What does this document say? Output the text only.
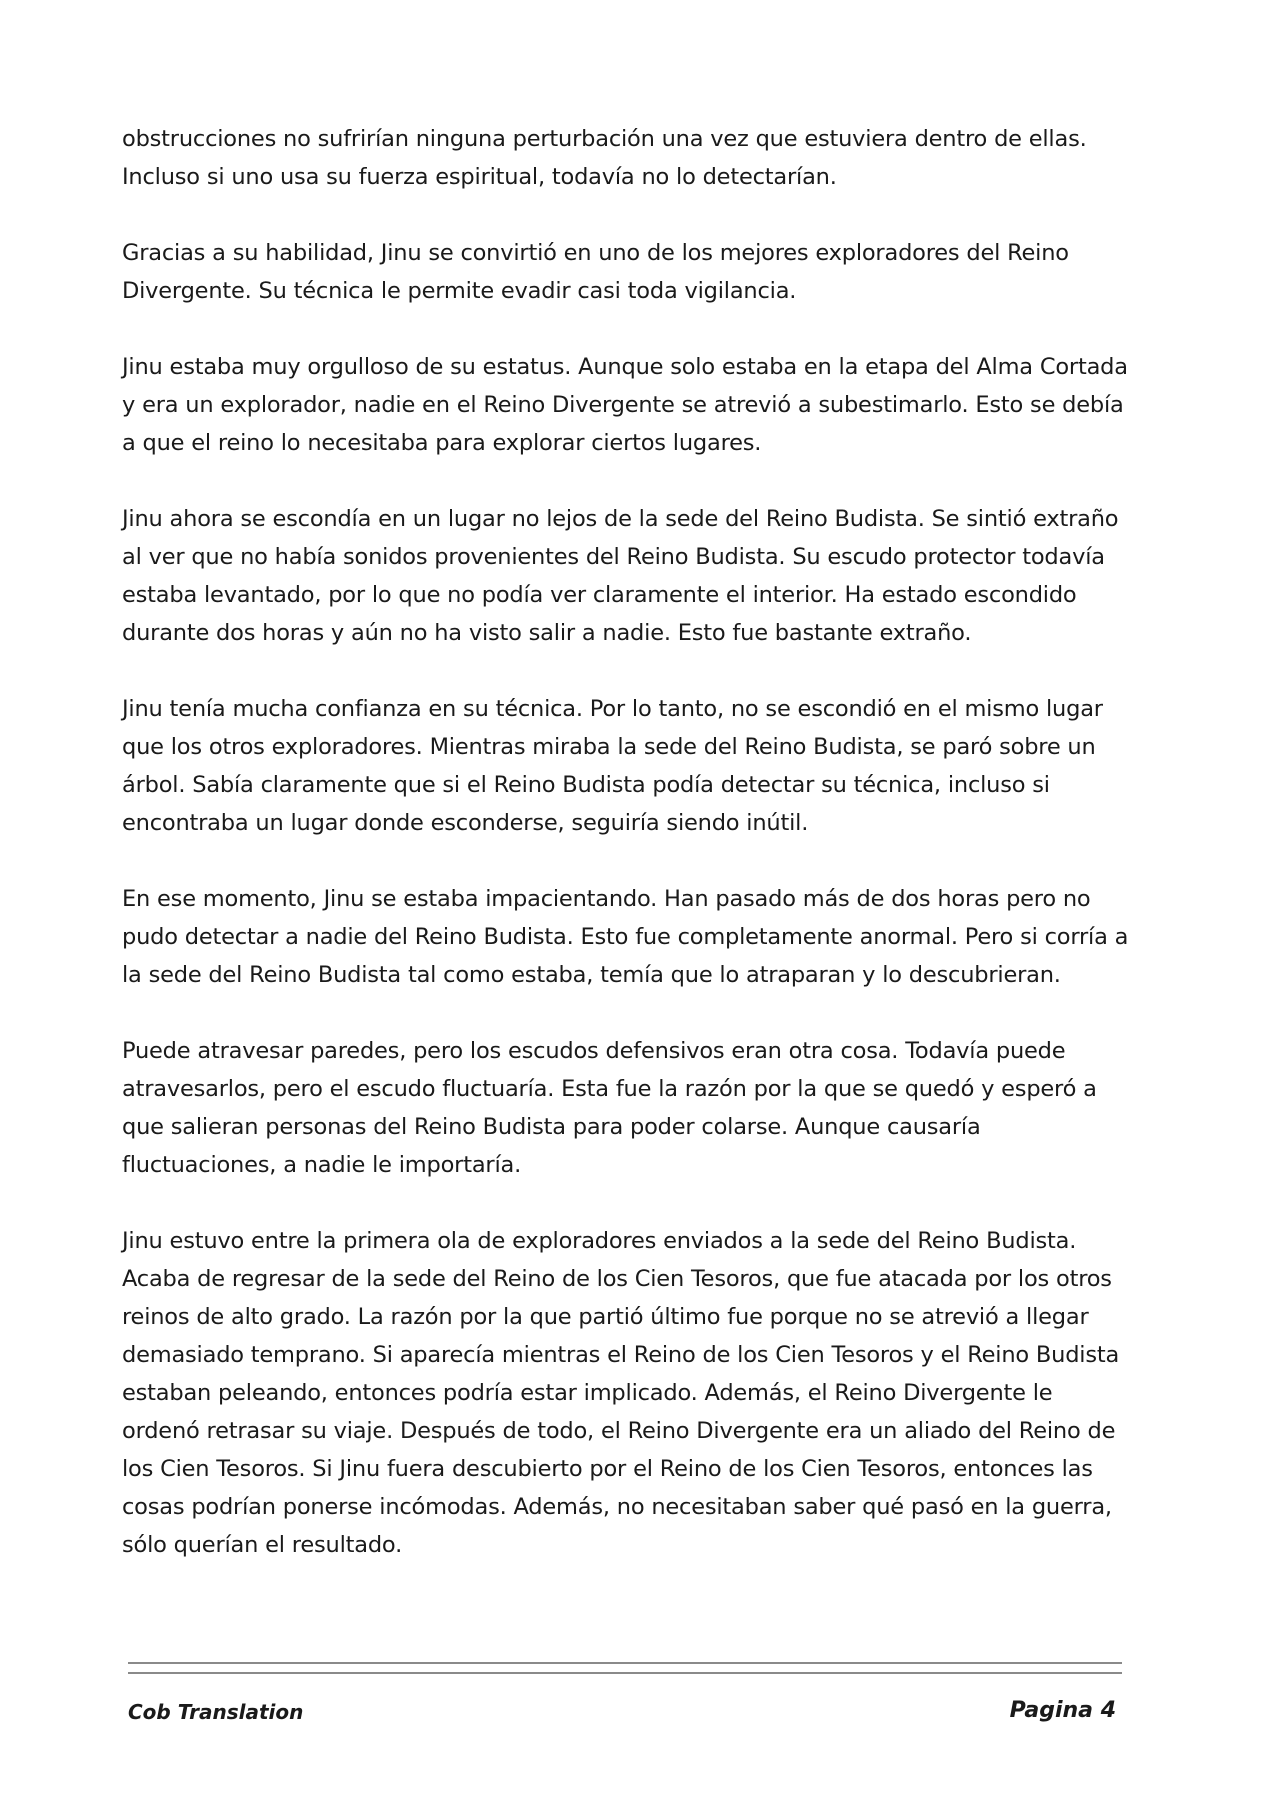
obstrucciones no sufrirían ninguna perturbación una vez que estuviera dentro de ellas. Incluso si uno usa su fuerza espiritual, todavía no lo detectarían.

Gracias a su habilidad, Jinu se convirtió en uno de los mejores exploradores del Reino Divergente. Su técnica le permite evadir casi toda vigilancia.

Jinu estaba muy orgulloso de su estatus. Aunque solo estaba en la etapa del Alma Cortada y era un explorador, nadie en el Reino Divergente se atrevió a subestimarlo. Esto se debía a que el reino lo necesitaba para explorar ciertos lugares.

Jinu ahora se escondía en un lugar no lejos de la sede del Reino Budista. Se sintió extraño al ver que no había sonidos provenientes del Reino Budista. Su escudo protector todavía estaba levantado, por lo que no podía ver claramente el interior. Ha estado escondido durante dos horas y aún no ha visto salir a nadie. Esto fue bastante extraño.

Jinu tenía mucha confianza en su técnica. Por lo tanto, no se escondió en el mismo lugar que los otros exploradores. Mientras miraba la sede del Reino Budista, se paró sobre un árbol. Sabía claramente que si el Reino Budista podía detectar su técnica, incluso si encontraba un lugar donde esconderse, seguiría siendo inútil.

En ese momento, Jinu se estaba impacientando. Han pasado más de dos horas pero no pudo detectar a nadie del Reino Budista. Esto fue completamente anormal. Pero si corría a la sede del Reino Budista tal como estaba, temía que lo atraparan y lo descubrieran.

Puede atravesar paredes, pero los escudos defensivos eran otra cosa. Todavía puede atravesarlos, pero el escudo fluctuaría. Esta fue la razón por la que se quedó y esperó a que salieran personas del Reino Budista para poder colarse. Aunque causaría fluctuaciones, a nadie le importaría.

Jinu estuvo entre la primera ola de exploradores enviados a la sede del Reino Budista. Acaba de regresar de la sede del Reino de los Cien Tesoros, que fue atacada por los otros reinos de alto grado. La razón por la que partió último fue porque no se atrevió a llegar demasiado temprano. Si aparecía mientras el Reino de los Cien Tesoros y el Reino Budista estaban peleando, entonces podría estar implicado. Además, el Reino Divergente le ordenó retrasar su viaje. Después de todo, el Reino Divergente era un aliado del Reino de los Cien Tesoros. Si Jinu fuera descubierto por el Reino de los Cien Tesoros, entonces las cosas podrían ponerse incómodas. Además, no necesitaban saber qué pasó en la guerra, sólo querían el resultado.

Cob Translation	Pagina 4
